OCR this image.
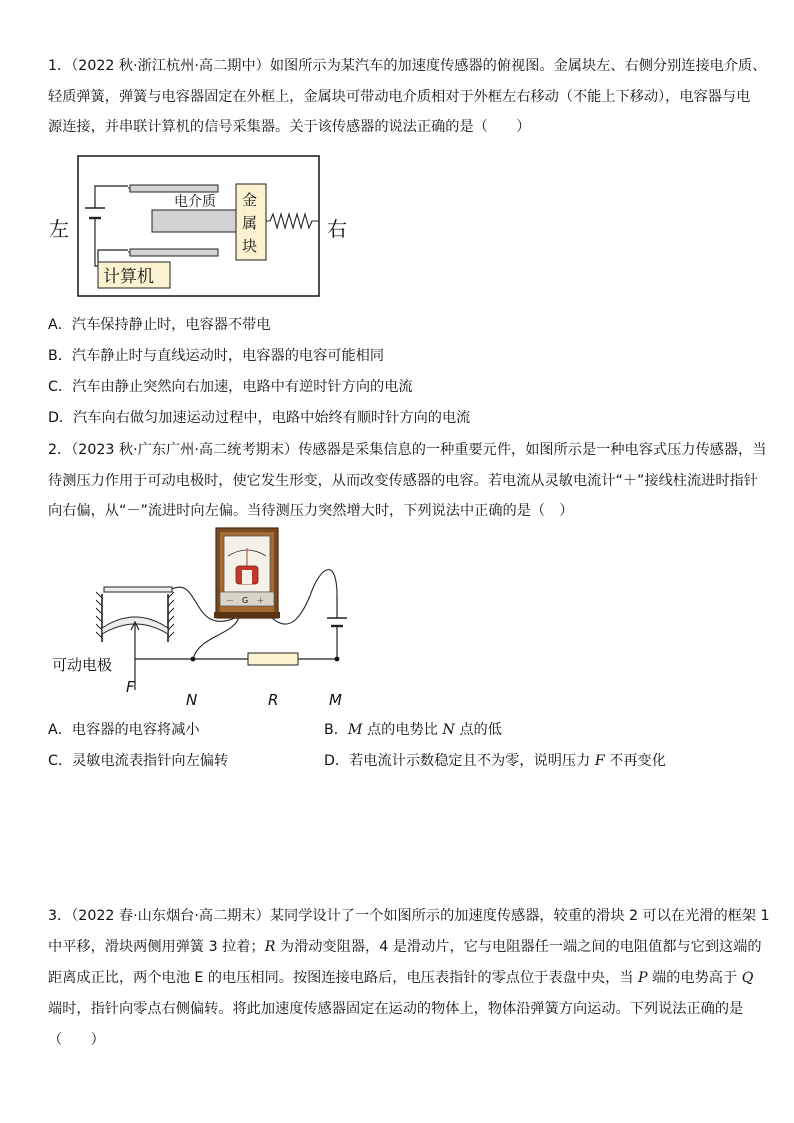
1．（2022 秋·浙江杭州·高二期中）如图所示为某汽车的加速度传感器的俯视图。金属块左、右侧分别连接电介质、
轻质弹簧，弹簧与电容器固定在外框上，金属块可带动电介质相对于外框左右移动（不能上下移动），电容器与电
源连接，并串联计算机的信号采集器。关于该传感器的说法正确的是（　　）
电介质 金
属
块
计算机
左	右
A．汽车保持静止时，电容器不带电
B．汽车静止时与直线运动时，电容器的电容可能相同
C．汽车由静止突然向右加速，电路中有逆时针方向的电流
D．汽车向右做匀加速运动过程中，电路中始终有顺时针方向的电流
2．（2023 秋·广东广州·高二统考期末）传感器是采集信息的一种重要元件，如图所示是一种电容式压力传感器，当
待测压力作用于可动电极时，使它发生形变，从而改变传感器的电容。若电流从灵敏电流计“＋”接线柱流进时指针
向右偏，从“－”流进时向左偏。当待测压力突然增大时，下列说法中正确的是（　）
F
可动电极
R
N	M
－　G　＋
A．电容器的电容将减小	B．M 点的电势比 N 点的低
C．灵敏电流表指针向左偏转	D．若电流计示数稳定且不为零，说明压力 F 不再变化
3．（2022 春·山东烟台·高二期末）某同学设计了一个如图所示的加速度传感器，较重的滑块 2 可以在光滑的框架 1
中平移，滑块两侧用弹簧 3 拉着；R 为滑动变阻器，4 是滑动片，它与电阻器任一端之间的电阻值都与它到这端的
距离成正比，两个电池 E 的电压相同。按图连接电路后，电压表指针的零点位于表盘中央，当 P 端的电势高于 Q
端时，指针向零点右侧偏转。将此加速度传感器固定在运动的物体上，物体沿弹簧方向运动。下列说法正确的是
（　　）
